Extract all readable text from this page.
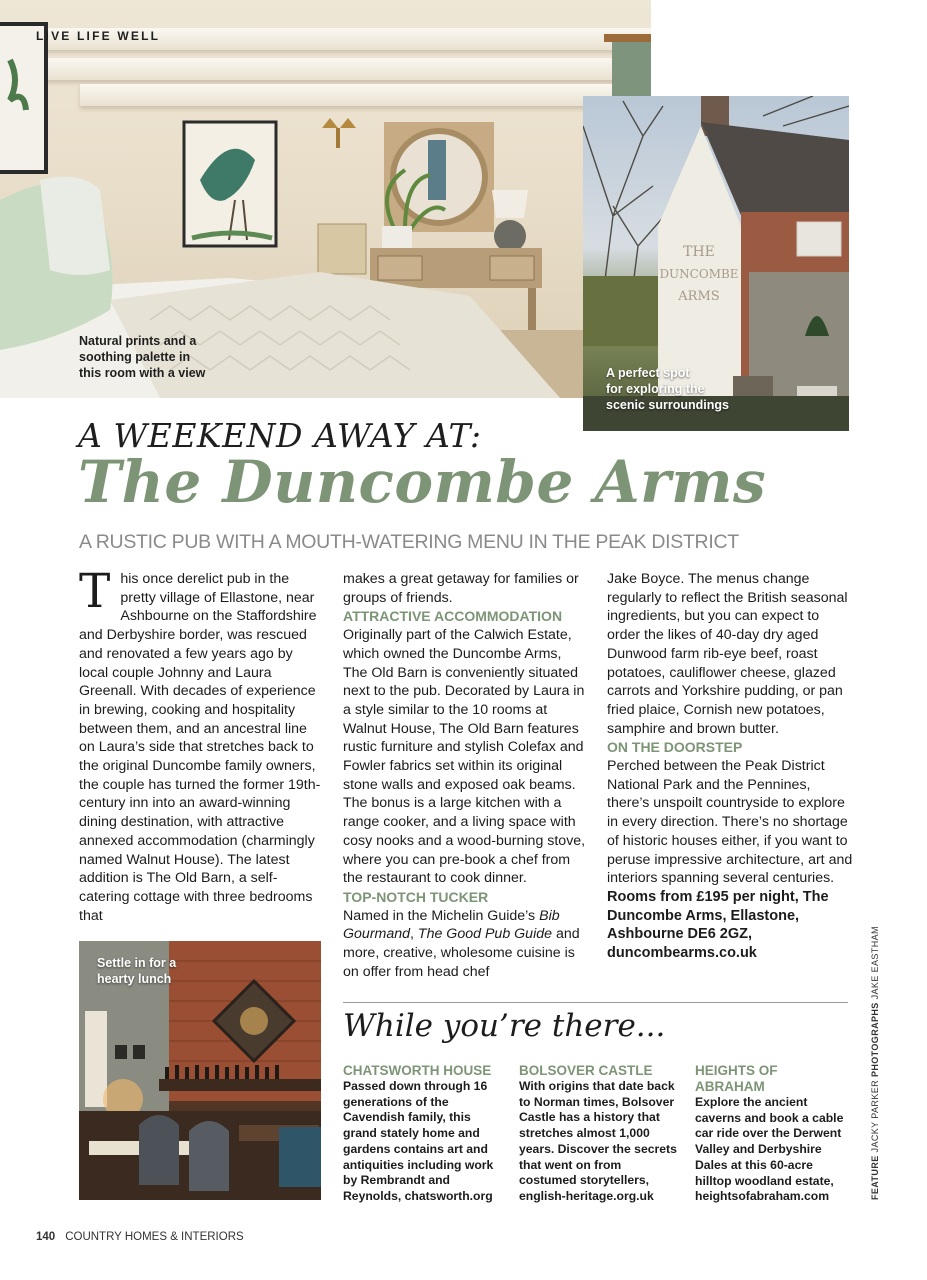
Natural prints and a
soothing palette in
this room with a view
LIVE LIFE WELL
THE
DUNCOMBE
ARMS
A perfect spot
for exploring the
scenic surroundings
A WEEKEND AWAY AT:
The Duncombe Arms
A RUSTIC PUB WITH A MOUTH-WATERING MENU IN THE PEAK DISTRICT

This once derelict pub in the pretty village of Ellastone, near Ashbourne on the Staffordshire and Derbyshire border, was rescued and renovated a few years ago by local couple Johnny and Laura Greenall. With decades of experience in brewing, cooking and hospitality between them, and an ancestral line on Laura’s side that stretches back to the original Duncombe family owners, the couple has turned the former 19th-century inn into an award-winning dining destination, with attractive annexed accommodation (charmingly named Walnut House). The latest addition is The Old Barn, a self-catering cottage with three bedrooms that

makes a great getaway for families or groups of friends.

ATTRACTIVE ACCOMMODATION

Originally part of the Calwich Estate, which owned the Duncombe Arms, The Old Barn is conveniently situated next to the pub. Decorated by Laura in a style similar to the 10 rooms at Walnut House, The Old Barn features rustic furniture and stylish Colefax and Fowler fabrics set within its original stone walls and exposed oak beams. The bonus is a large kitchen with a range cooker, and a living space with cosy nooks and a wood-burning stove, where you can pre-book a chef from the restaurant to cook dinner.

TOP-NOTCH TUCKER

Named in the Michelin Guide’s Bib Gourmand, The Good Pub Guide and more, creative, wholesome cuisine is on offer from head chef

Jake Boyce. The menus change regularly to reflect the British seasonal ingredients, but you can expect to order the likes of 40-day dry aged Dunwood farm rib-eye beef, roast potatoes, cauliflower cheese, glazed carrots and Yorkshire pudding, or pan fried plaice, Cornish new potatoes, samphire and brown butter.

ON THE DOORSTEP

Perched between the Peak District National Park and the Pennines, there’s unspoilt countryside to explore in every direction. There’s no shortage of historic houses either, if you want to peruse impressive architecture, art and interiors spanning several centuries.

Rooms from £195 per night, The Duncombe Arms, Ellastone, Ashbourne DE6 2GZ, duncombearms.co.uk

Settle in for a
hearty lunch
While you’re there...
CHATSWORTH HOUSE
Passed down through 16 generations of the Cavendish family, this grand stately home and gardens contains art and antiquities including work by Rembrandt and Reynolds, chatsworth.org
BOLSOVER CASTLE
With origins that date back to Norman times, Bolsover Castle has a history that stretches almost 1,000 years. Discover the secrets that went on from costumed storytellers, english-heritage.org.uk
HEIGHTS OF ABRAHAM
Explore the ancient caverns and book a cable car ride over the Derwent Valley and Derbyshire Dales at this 60-acre hilltop woodland estate, heightsofabraham.com	FEATURE JACKY PARKER PHOTOGRAPHS JAKE EASTHAM
140 COUNTRY HOMES & INTERIORS
